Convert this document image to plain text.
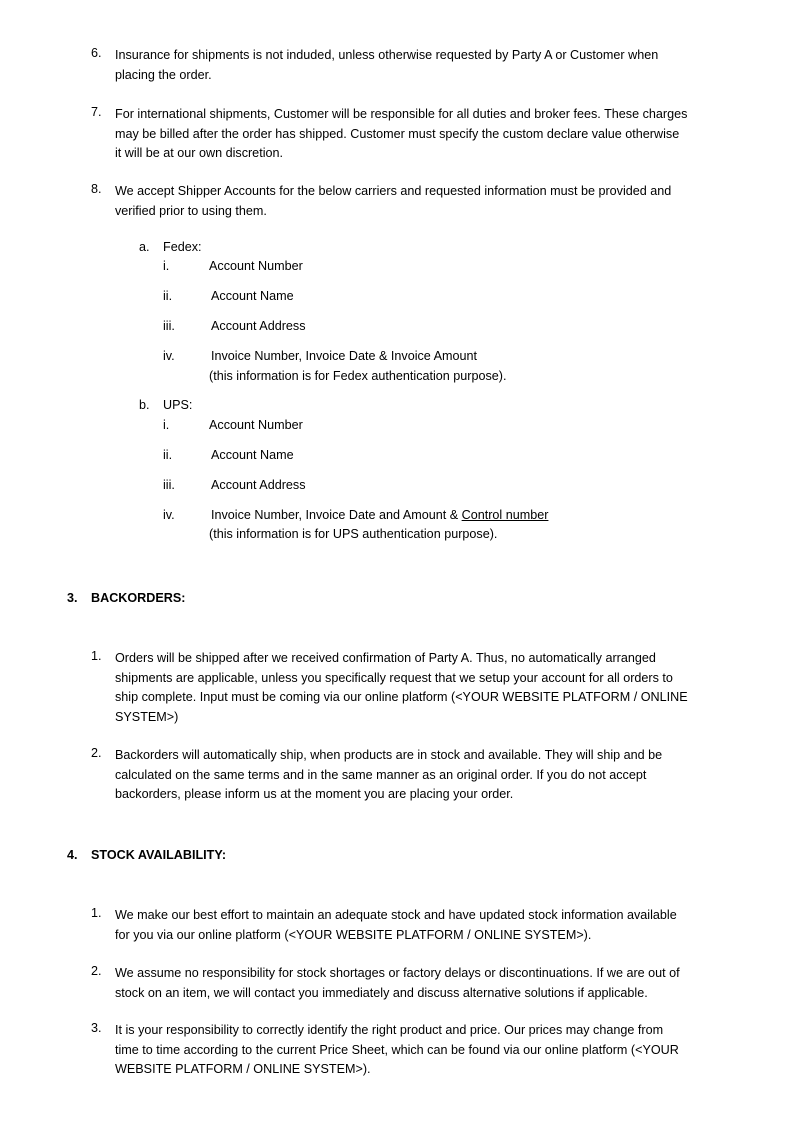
6. Insurance for shipments is not induded, unless otherwise requested by Party A or Customer when
placing the order.
7. For international shipments, Customer will be responsible for all duties and broker fees. These charges
may be billed after the order has shipped. Customer must specify the custom declare value otherwise
it will be at our own discretion.
8. We accept Shipper Accounts for the below carriers and requested information must be provided and
verified prior to using them.
a. Fedex:
i.	Account Number
ii.	Account Name
iii.	Account Address
iv.	Invoice Number, Invoice Date & Invoice Amount
(this information is for Fedex authentication purpose).
b. UPS:
i.	Account Number
ii.	Account Name
iii.	Account Address
iv.	Invoice Number, Invoice Date and Amount & Control number
(this information is for UPS authentication purpose).
3. BACKORDERS:
1. Orders will be shipped after we received confirmation of Party A. Thus, no automatically arranged
shipments are applicable, unless you specifically request that we setup your account for all orders to
ship complete. Input must be coming via our online platform (<YOUR WEBSITE PLATFORM / ONLINE
SYSTEM>)
2. Backorders will automatically ship, when products are in stock and available. They will ship and be
calculated on the same terms and in the same manner as an original order. If you do not accept
backorders, please inform us at the moment you are placing your order.
4. STOCK AVAILABILITY:
1. We make our best effort to maintain an adequate stock and have updated stock information available
for you via our online platform (<YOUR WEBSITE PLATFORM / ONLINE SYSTEM>).
2. We assume no responsibility for stock shortages or factory delays or discontinuations. If we are out of
stock on an item, we will contact you immediately and discuss alternative solutions if applicable.
3. It is your responsibility to correctly identify the right product and price. Our prices may change from
time to time according to the current Price Sheet, which can be found via our online platform (<YOUR
WEBSITE PLATFORM / ONLINE SYSTEM>).
